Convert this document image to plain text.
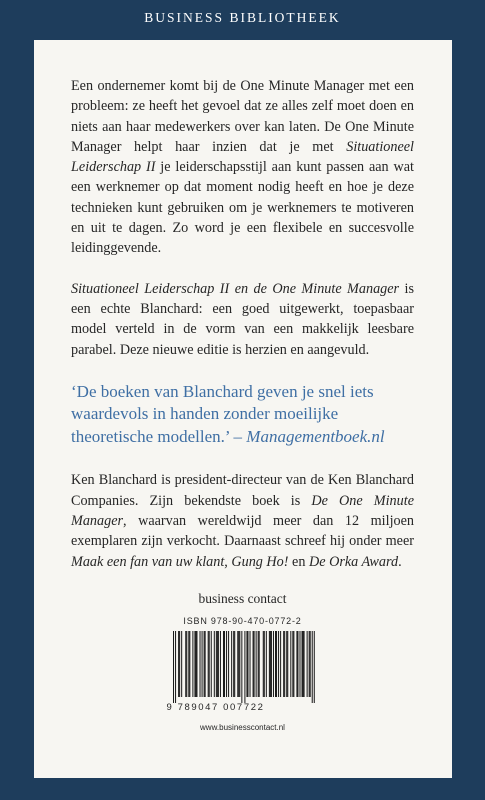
BUSINESS BIBLIOTHEEK

Een ondernemer komt bij de One Minute Manager met een probleem: ze heeft het gevoel dat ze alles zelf moet doen en niets aan haar medewerkers over kan laten. De One Minute Manager helpt haar inzien dat je met Situationeel Leiderschap II je leiderschapsstijl aan kunt passen aan wat een werknemer op dat moment nodig heeft en hoe je deze technieken kunt gebruiken om je werknemers te motiveren en uit te dagen. Zo word je een flexibele en succesvolle leidinggevende.

Situationeel Leiderschap II en de One Minute Manager is een echte Blanchard: een goed uitgewerkt, toepasbaar model verteld in de vorm van een makkelijk leesbare parabel. Deze nieuwe editie is herzien en aangevuld.

‘De boeken van Blanchard geven je snel iets waardevols in handen zonder moeilijke theoretische modellen.’ – Managementboek.nl

Ken Blanchard is president-directeur van de Ken Blanchard Companies. Zijn bekendste boek is De One Minute Manager, waarvan wereldwijd meer dan 12 miljoen exemplaren zijn verkocht. Daarnaast schreef hij onder meer Maak een fan van uw klant, Gung Ho! en De Orka Award.

business contact
ISBN 978-90-470-0772-2
9 789047 007722
www.businesscontact.nl
